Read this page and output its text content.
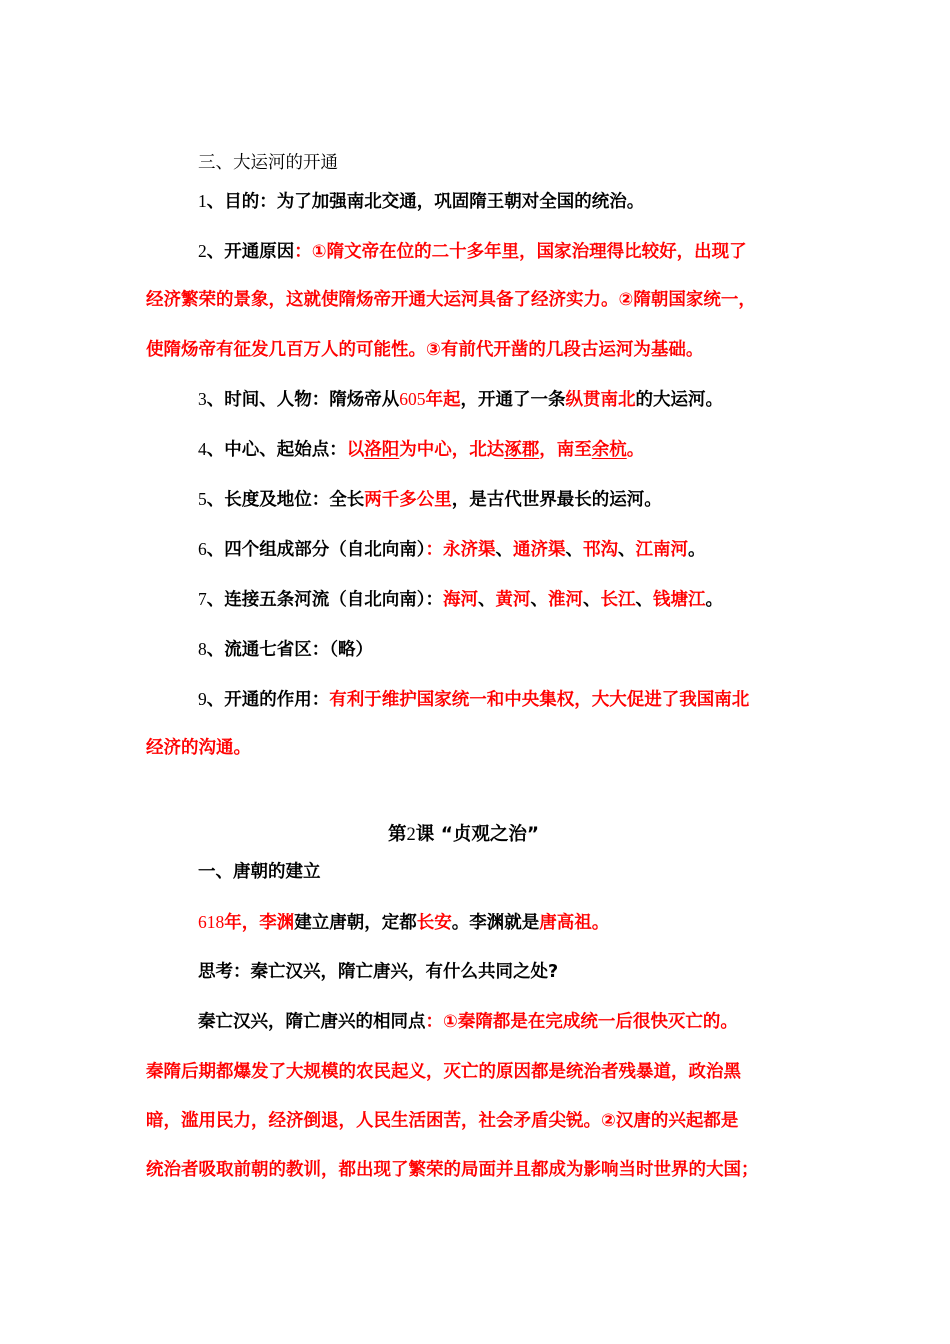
三、大运河的开通
1、目的：为了加强南北交通，巩固隋王朝对全国的统治。
2、开通原因：①隋文帝在位的二十多年里，国家治理得比较好，出现了
经济繁荣的景象，这就使隋炀帝开通大运河具备了经济实力。②隋朝国家统一，
使隋炀帝有征发几百万人的可能性。③有前代开凿的几段古运河为基础。
3、时间、人物：隋炀帝从605年起，开通了一条纵贯南北的大运河。
4、中心、起始点：以洛阳为中心，北达涿郡，南至余杭。
5、长度及地位：全长两千多公里，是古代世界最长的运河。
6、四个组成部分（自北向南）：永济渠、通济渠、邗沟、江南河。
7、连接五条河流（自北向南）：海河、黄河、淮河、长江、钱塘江。
8、流通七省区：（略）
9、开通的作用：有利于维护国家统一和中央集权，大大促进了我国南北
经济的沟通。
第2课 “贞观之治”
一、唐朝的建立
618年，李渊建立唐朝，定都长安。李渊就是唐高祖。
思考：秦亡汉兴，隋亡唐兴，有什么共同之处?
秦亡汉兴，隋亡唐兴的相同点：①秦隋都是在完成统一后很快灭亡的。
秦隋后期都爆发了大规模的农民起义，灭亡的原因都是统治者残暴道，政治黑
暗，滥用民力，经济倒退，人民生活困苦，社会矛盾尖锐。②汉唐的兴起都是
统治者吸取前朝的教训，都出现了繁荣的局面并且都成为影响当时世界的大国；
